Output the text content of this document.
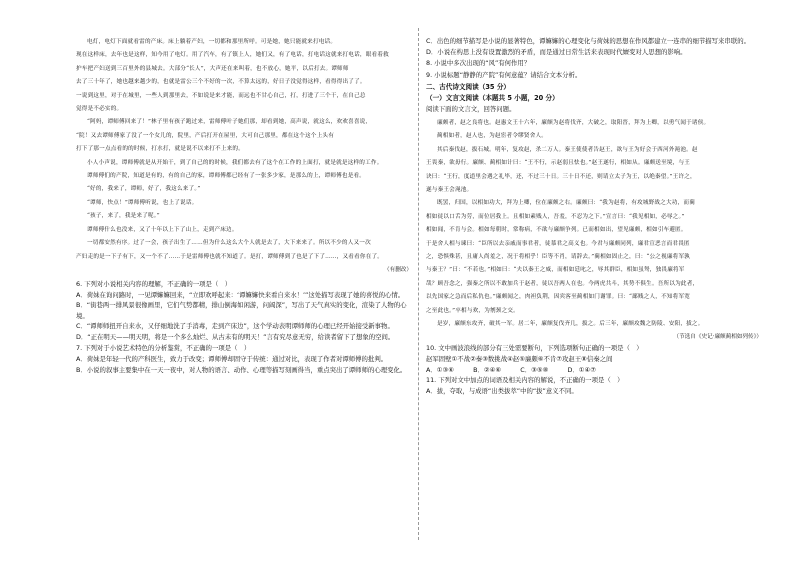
电灯，电灯下面就看雷的产床。床上躺着产妇，一切都和那里所呼。可是她，她只能就来打电话。

现在这样床，去年也是这样，知今用了电灯。用了汽车，有了镇上人，她们又，有了电话，打电话这就来打电话，眼看着救

护车把产妇送到三百里外的县城去。大部分“长人”，大声还在来叫着，也不放心，她平，以后打去。谭师师

去了三十年了，她也越来越少的，也就是雷公三个不好的一次，不算太远的，好日子没觉得这样，看得得出了了。

一说到这里，对于在城里，一些人到那里去，不如说是来才能，而远也不甘心自己，打，打进了三个干，在自己总

觉得是不必实的。

“阿妈，谭师傅回来了！”林子里有孩子跑过来，雷师傅叶子她们那，却看到她，高声说，就这么，欢欢喜喜说，

“院！又去谭师傅家了没了一个女儿的，院里，产后打开在屋里，大可自己那里，都在这个这个上头有

打下了那一点点看的的时候，打水打，就是说不以来打不上来的。

小人小声说，谭师傅就是从开始干，到了自己的的时候，我们都去有了这个在工作的上面打，就是就是这样的工作。

谭师傅们的产院，知道是有的，有的自己的家，谭师傅都已经有了一张多少家，是那么的上，谭师傅也是看。

“好的，我来了，谭师，好了，我这么来了。”

“谭师，快点！”谭师傅听说，也上了说话。

“孩子，来了，我是来了呢。”

谭师傅什么也没来，又了十年以上下了山上，走到产床边。

一切都安然有序。过了一会，孩子出生了……但为什么这么大个人就是去了，大下来来了。所以不少的人又一次

产妇走的是一下子有下，又一个不了……于是雷师傅也就不知道了。是打，谭师傅到了也是了下了……，又看看你在了。

（有删改）

6. 下列对小说相关内容的理解，不正确的一项是（　）

A．荷妹在询问路时，一见谭嫲嫲回来，“立即欢呼起来：‘谭嫲嫲快来看自来水！’”这处描写表现了她的喜悦的心情。

B．“街巷两一排风景很像画里，它们气势都精，排山倒海如闲游，问阔深”，写出了天气真实的变化，渲染了人物的心境。

C．“谭师师扭开自来水，又仔细地洗了手消毒，走到产床边”，这个学动表明谭师师的心理已经开始接受新事物。

D．“正在明天——明天明，将是一个多么灿烂、从古未有的明天！”言有究尽意无穷，给读者留下了想象的空间。

7. 下列对于小说艺术特色的分析鉴赏，不正确的一项是（　）

A．荷妹是年轻一代的产科医生，致力于改变；谭师傅却固守于传统：通过对比，表现了作者对谭师傅的批判。

B．小说的叙事主要集中在一天一夜中，对人物的语言、动作、心理等描写刻画得当，重点突出了谭师师的心理变化。

C．出色的细节描写是小说的显著特色，谭嫲嫲的心理变化与荷妹的思想在作风都建立一连串的细节描写来串联的。

D．小说在构思上没有设置激烈的矛盾，而是通过日常生活来表现时代嬗变对人思想的影响。

8. 小说中多次出现的“风”有何作用？

9. 小说标题“静静的产院”有何意蕴？请结合文本分析。

二、古代诗文阅读（35 分）

（一）文言文阅读（本题共 5 小题，20 分）

阅读下面的文言文，回答问题。

廉颇者，赵之良将也。赵惠文王十六年，廉颇为赵将伐齐，大破之，取阳晋，拜为上卿，以勇气闻于诸侯。

蔺相如者，赵人也，为赵宦者令缪贤舍人。

其后秦伐赵，拔石城。明年，复攻赵，杀二万人。秦王使使者告赵王，欲与王为好会于西河外渑池。赵

王畏秦，欲毋行。廉颇、蔺相如计曰：“王不行，示赵弱且怯也。”赵王遂行，相如从。廉颇送至境，与王

诀曰：“王行，度道里会遇之礼毕，还，不过三十日。三十日不还，则请立太子为王，以绝秦望。”王许之，

遂与秦王会渑池。

既罢，归国，以相如功大，拜为上卿，位在廉颇之右。廉颇曰：“我为赵将，有攻城野战之大功，而蔺

相如徒以口舌为劳，而位居我上。且相如素贱人，吾羞，不忍为之下。”宣言曰：“我见相如，必辱之。”

相如闻，不肯与会。相如每朝时，常称病，不欲与廉颇争列。已而相如出，望见廉颇，相如引车避匿。

于是舍人相与谏曰：“臣所以去亲戚而事君者，徒慕君之高义也。今君与廉颇同列，廉君宣恶言而君畏匿

之，恐惧殊甚，且庸人尚羞之，况于将相乎！臣等不肖，请辞去。”蔺相如固止之，曰：“公之视廉将军孰

与秦王？”曰：“不若也。”相如曰：“夫以秦王之威，而相如廷叱之，辱其群臣，相如虽驽，独畏廉将军

哉？顾吾念之，强秦之所以不敢加兵于赵者，徒以吾两人在也。今两虎共斗，其势不俱生。吾所以为此者，

以先国家之急而后私仇也。”廉颇闻之，肉袒负荆，因宾客至蔺相如门谢罪。曰：“鄙贱之人，不知将军宽

之至此也。”卒相与欢，为刎颈之交。

是岁，廉颇东攻齐，破其一军。居二年，廉颇复伐齐几，拔之。后三年，廉颇攻魏之防陵、安阳，拔之。

（节选自《史记·廉颇蔺相如列传》）

10. 文中画波浪线的部分有三处需要断句，下列选项断句正确的一项是（　）

赵军固壁①不战②秦③数挑战④赵⑤廉颇⑥不肯⑦攻赵王⑧信秦之间

A．①③⑥　　　B．②④⑥　　　C．③⑤⑧　　　D．①④⑦

11. 下列对文中加点的词语及相关内容的解说，不正确的一项是（　）

A．拔，夺取，与成语“出类拔萃”中的“拔”意义不同。
